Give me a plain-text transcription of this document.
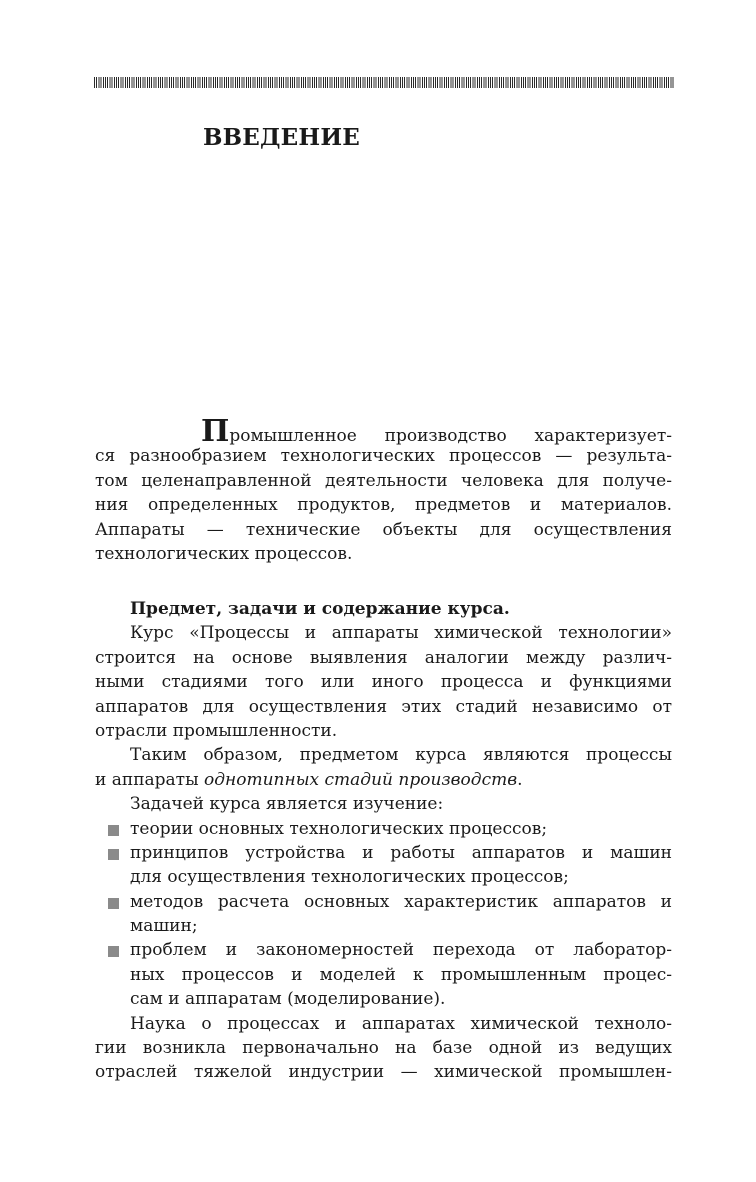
ВВЕДЕНИЕ
Промышленное производство характеризует-
ся разнообразием технологических процессов — результа-
том целенаправленной деятельности человека для получе-
ния определенных продуктов, предметов и материалов.
Аппараты — технические объекты для осуществления
технологических процессов.
Предмет, задачи и содержание курса.
Курс «Процессы и аппараты химической технологии»
строится на основе выявления аналогии между различ-
ными стадиями того или иного процесса и функциями
аппаратов для осуществления этих стадий независимо от
отрасли промышленности.
Таким образом, предметом курса являются процессы
и аппараты однотипных стадий производств.
Задачей курса является изучение:
теории основных технологических процессов;
принципов устройства и работы аппаратов и машин
для осуществления технологических процессов;
методов расчета основных характеристик аппаратов и
машин;
проблем и закономерностей перехода от лаборатор-
ных процессов и моделей к промышленным процес-
сам и аппаратам (моделирование).
Наука о процессах и аппаратах химической техноло-
гии возникла первоначально на базе одной из ведущих
отраслей тяжелой индустрии — химической промышлен-
